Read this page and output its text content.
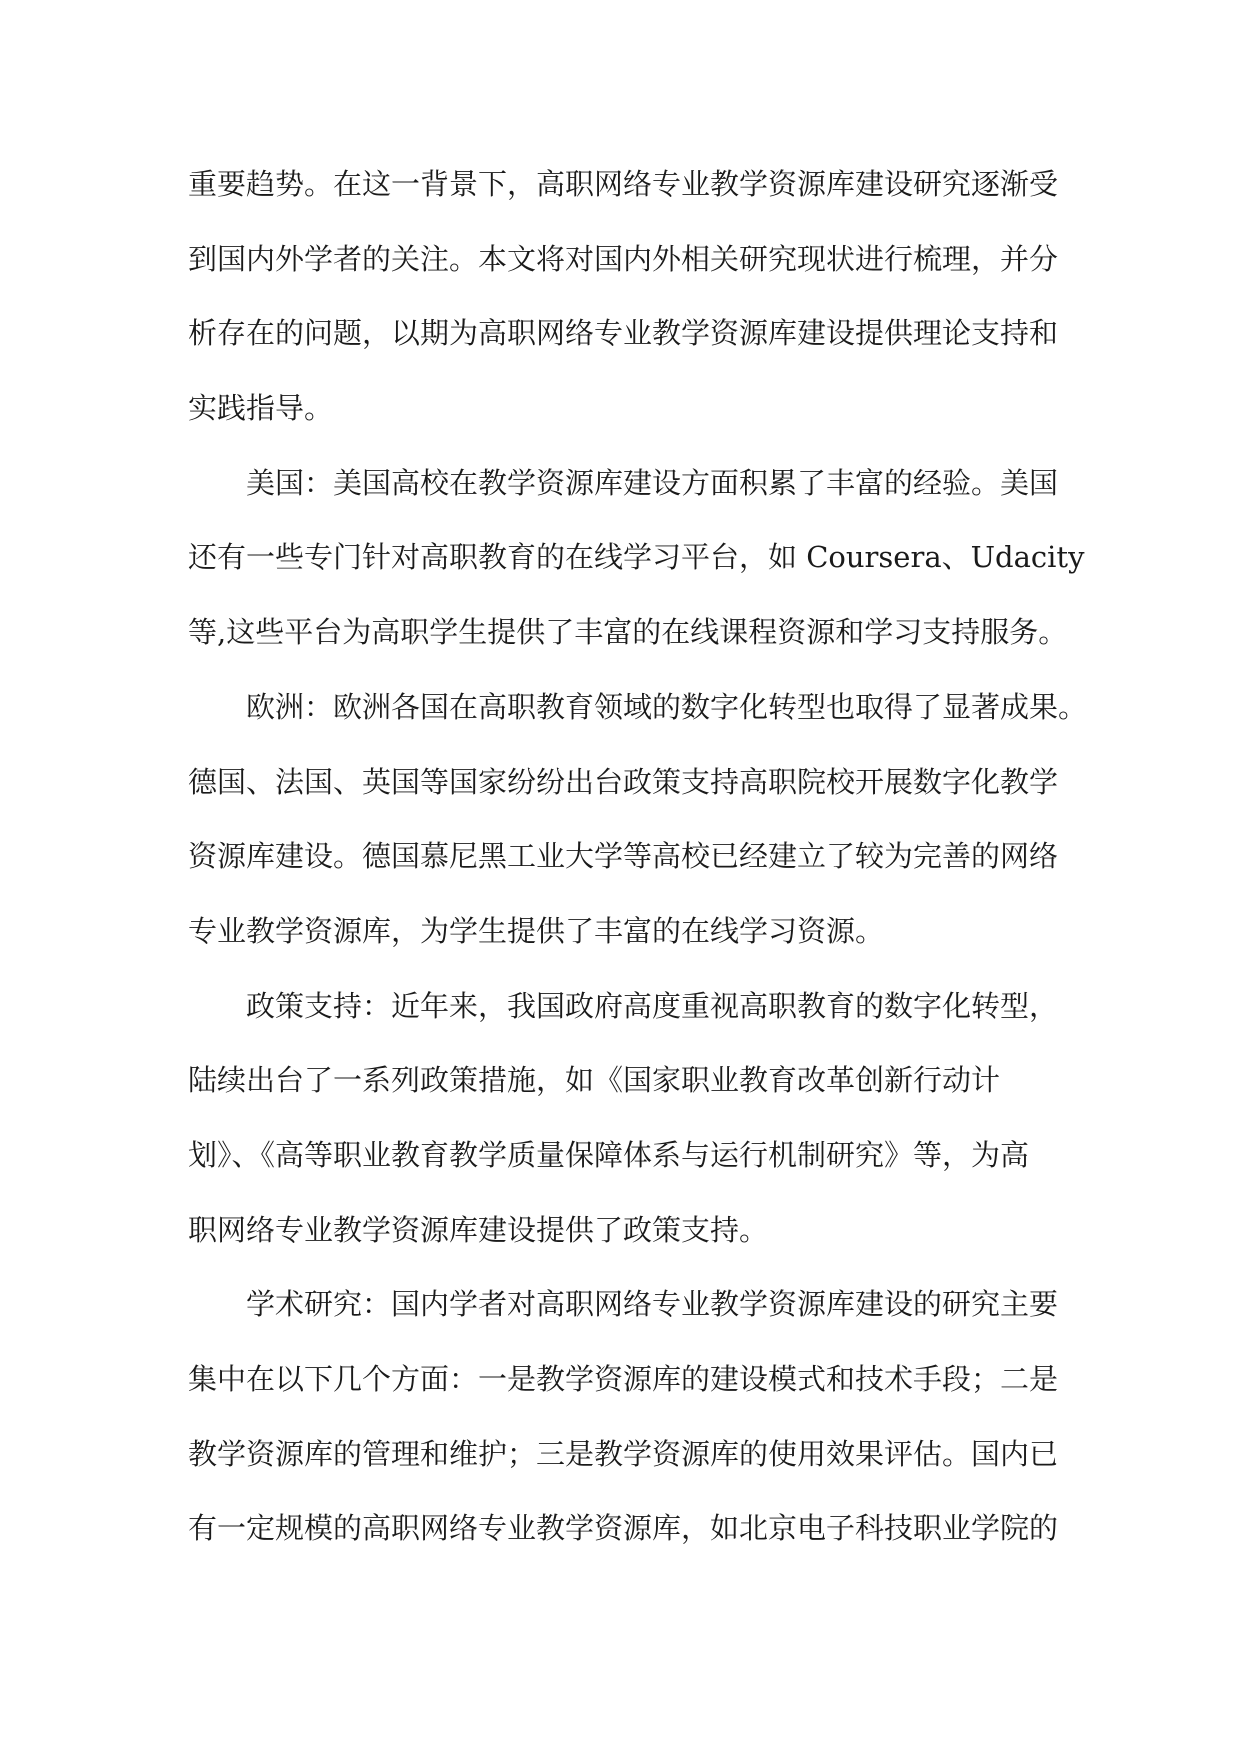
重要趋势。在这一背景下，高职网络专业教学资源库建设研究逐渐受
到国内外学者的关注。本文将对国内外相关研究现状进行梳理，并分
析存在的问题，以期为高职网络专业教学资源库建设提供理论支持和
实践指导。
美国：美国高校在教学资源库建设方面积累了丰富的经验。美国
还有一些专门针对高职教育的在线学习平台，如 Coursera、Udacity
等,这些平台为高职学生提供了丰富的在线课程资源和学习支持服务。
欧洲：欧洲各国在高职教育领域的数字化转型也取得了显著成果。
德国、法国、英国等国家纷纷出台政策支持高职院校开展数字化教学
资源库建设。德国慕尼黑工业大学等高校已经建立了较为完善的网络
专业教学资源库，为学生提供了丰富的在线学习资源。
政策支持：近年来，我国政府高度重视高职教育的数字化转型，
陆续出台了一系列政策措施，如《国家职业教育改革创新行动计
划》、《高等职业教育教学质量保障体系与运行机制研究》等，为高
职网络专业教学资源库建设提供了政策支持。
学术研究：国内学者对高职网络专业教学资源库建设的研究主要
集中在以下几个方面：一是教学资源库的建设模式和技术手段；二是
教学资源库的管理和维护；三是教学资源库的使用效果评估。国内已
有一定规模的高职网络专业教学资源库，如北京电子科技职业学院的
